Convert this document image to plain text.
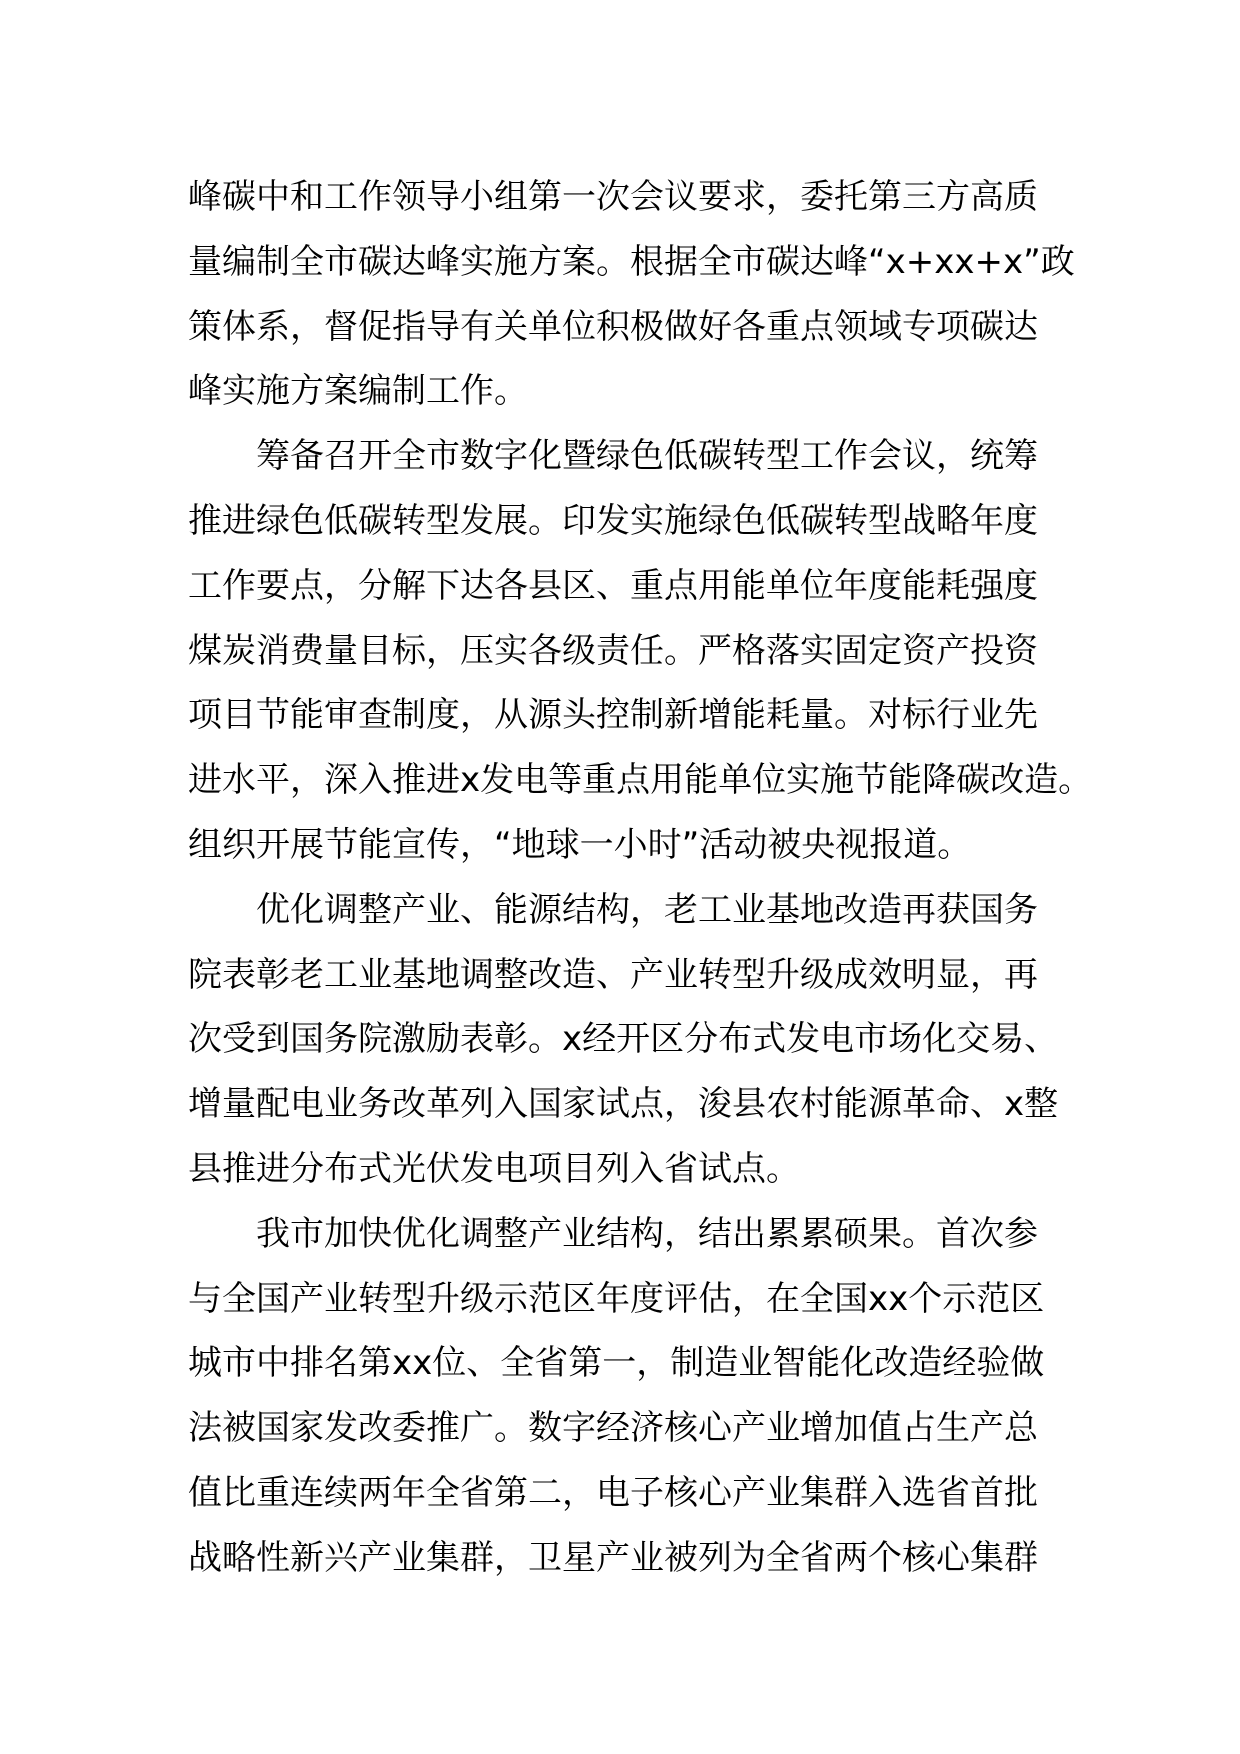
峰碳中和工作领导小组第一次会议要求，委托第三方高质
量编制全市碳达峰实施方案。根据全市碳达峰“x+xx+x”政
策体系，督促指导有关单位积极做好各重点领域专项碳达
峰实施方案编制工作。
筹备召开全市数字化暨绿色低碳转型工作会议，统筹
推进绿色低碳转型发展。印发实施绿色低碳转型战略年度
工作要点，分解下达各县区、重点用能单位年度能耗强度
煤炭消费量目标，压实各级责任。严格落实固定资产投资
项目节能审查制度，从源头控制新增能耗量。对标行业先
进水平，深入推进x发电等重点用能单位实施节能降碳改造。
组织开展节能宣传，“地球一小时”活动被央视报道。
优化调整产业、能源结构，老工业基地改造再获国务
院表彰老工业基地调整改造、产业转型升级成效明显，再
次受到国务院激励表彰。x经开区分布式发电市场化交易、
增量配电业务改革列入国家试点，浚县农村能源革命、x整
县推进分布式光伏发电项目列入省试点。
我市加快优化调整产业结构，结出累累硕果。首次参
与全国产业转型升级示范区年度评估，在全国xx个示范区
城市中排名第xx位、全省第一，制造业智能化改造经验做
法被国家发改委推广。数字经济核心产业增加值占生产总
值比重连续两年全省第二，电子核心产业集群入选省首批
战略性新兴产业集群，卫星产业被列为全省两个核心集群
